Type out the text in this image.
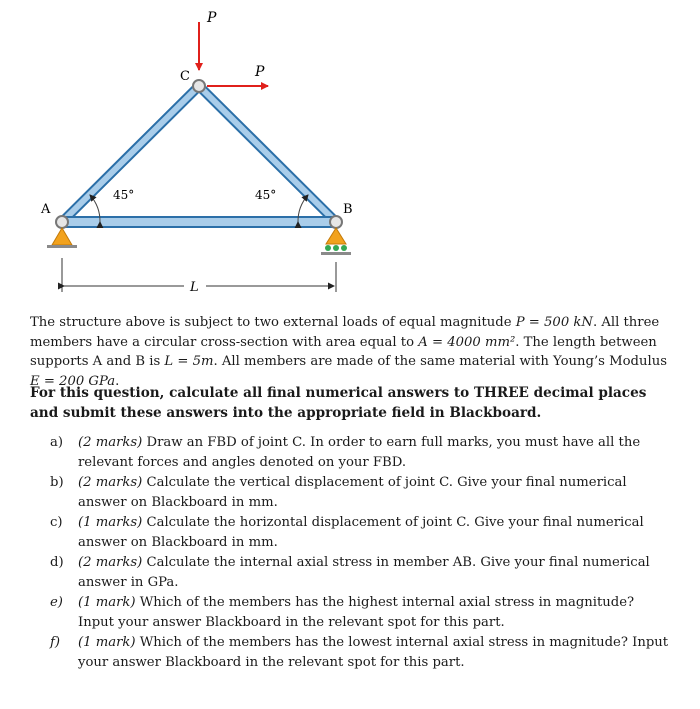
P
P
C
A	B
45°	45°
L
The structure above is subject to two external loads of equal magnitude P = 500 kN. All three members have a circular cross-section with area equal to A = 4000 mm². The length between supports A and B is L = 5m. All members are made of the same material with Young’s Modulus E = 200 GPa.
For this question, calculate all final numerical answers to THREE decimal places and submit these answers into the appropriate field in Blackboard.
a) (2 marks) Draw an FBD of joint C. In order to earn full marks, you must have all the relevant forces and angles denoted on your FBD.
b) (2 marks) Calculate the vertical displacement of joint C. Give your final numerical answer on Blackboard in mm.
c) (1 marks) Calculate the horizontal displacement of joint C. Give your final numerical answer on Blackboard in mm.
d) (2 marks) Calculate the internal axial stress in member AB. Give your final numerical answer in GPa.
e) (1 mark) Which of the members has the highest internal axial stress in magnitude? Input your answer Blackboard in the relevant spot for this part.
f) (1 mark) Which of the members has the lowest internal axial stress in magnitude? Input your answer Blackboard in the relevant spot for this part.
